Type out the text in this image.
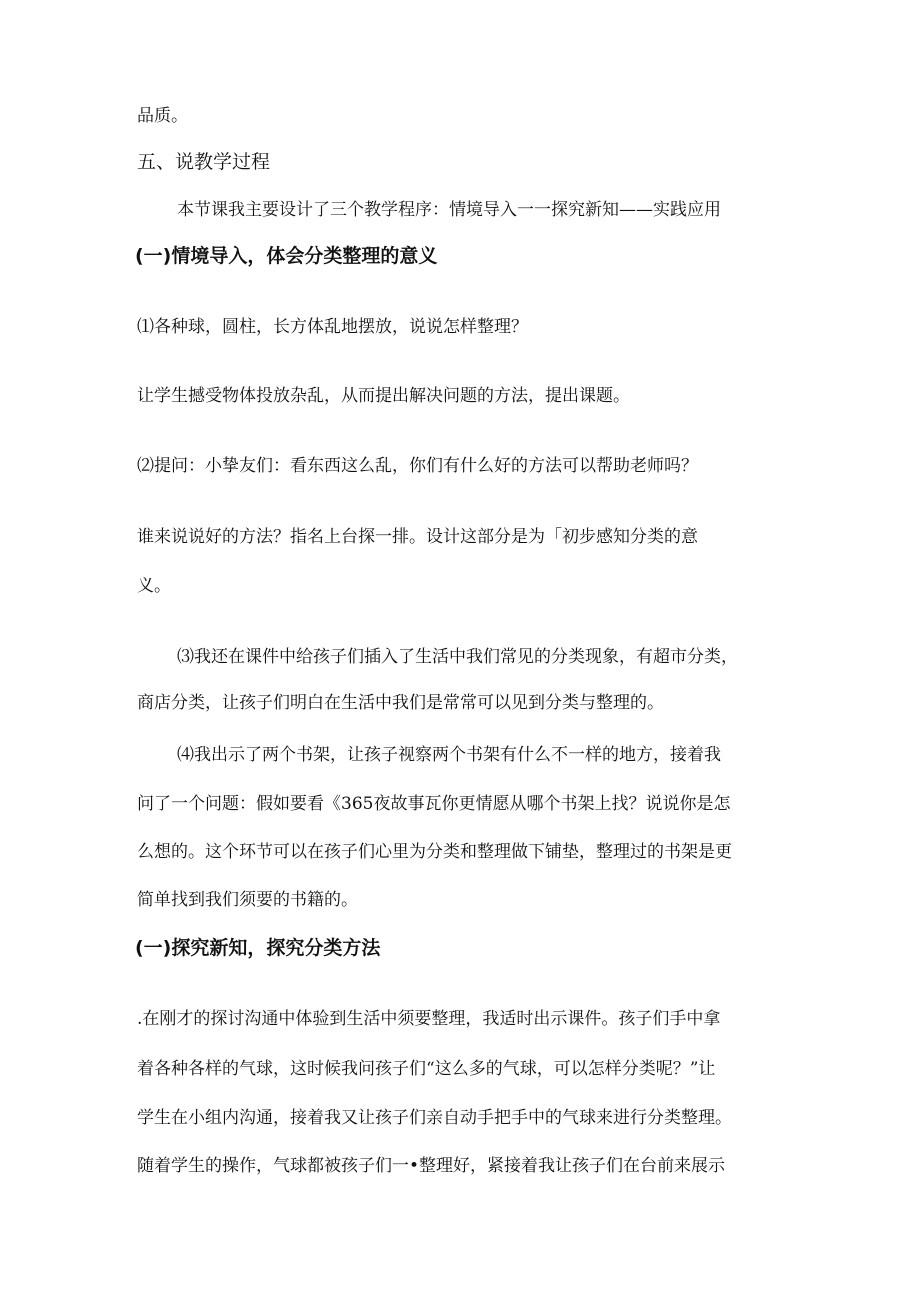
品质。
五、说教学过程
本节课我主要设计了三个教学程序：情境导入一一探究新知——实践应用
(一)情境导入，体会分类整理的意义
⑴各种球，圆柱，长方体乱地摆放，说说怎样整理？
让学生撼受物体投放杂乱，从而提出解决问题的方法，提出课题。
⑵提问：小挚友们：看东西这么乱，你们有什么好的方法可以帮助老师吗？
谁来说说好的方法？指名上台探一排。设计这部分是为「初步感知分类的意
义。
⑶我还在课件中给孩子们插入了生活中我们常见的分类现象，有超市分类，
商店分类，让孩子们明白在生活中我们是常常可以见到分类与整理的。
⑷我出示了两个书架，让孩子视察两个书架有什么不一样的地方，接着我
问了一个问题：假如要看《365夜故事瓦你更情愿从哪个书架上找？说说你是怎
么想的。这个环节可以在孩子们心里为分类和整理做下铺垫，整理过的书架是更
简单找到我们须要的书籍的。
(一)探究新知，探究分类方法
.在刚才的探讨沟通中体验到生活中须要整理，我适时出示课件。孩子们手中拿
着各种各样的气球，这时候我问孩子们“这么多的气球，可以怎样分类呢？”让
学生在小组内沟通，接着我又让孩子们亲自动手把手中的气球来进行分类整理。
随着学生的操作，气球都被孩子们一•整理好，紧接着我让孩子们在台前来展示
